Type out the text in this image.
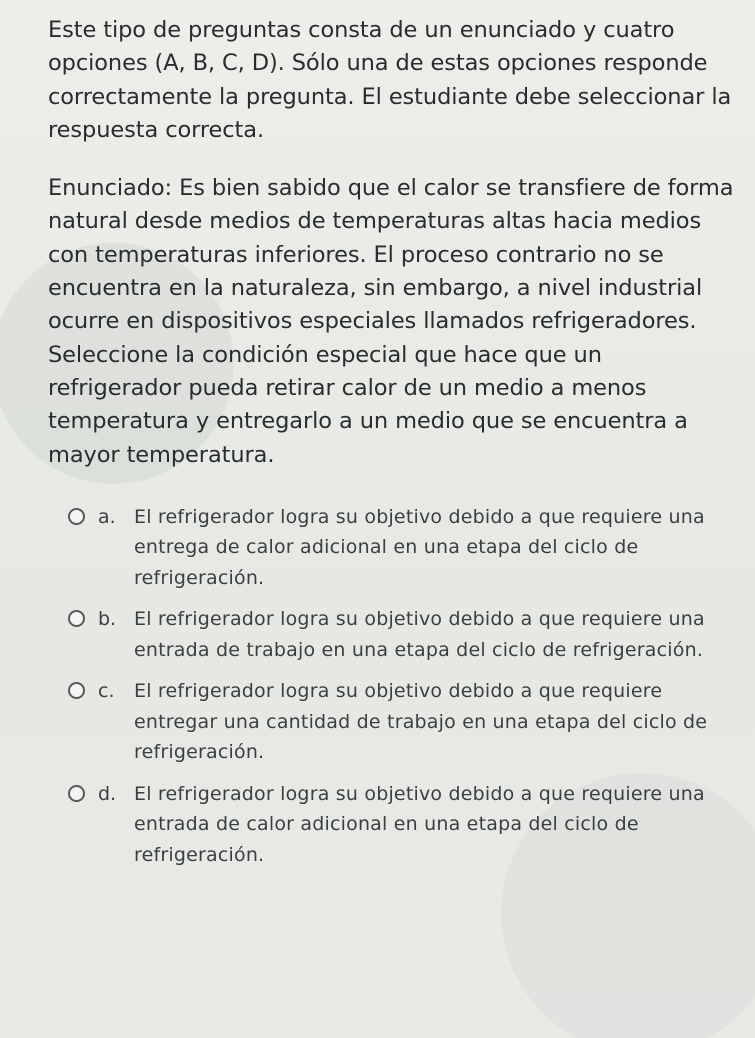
Este tipo de preguntas consta de un enunciado y cuatro opciones (A, B, C, D). Sólo una de estas opciones responde correctamente la pregunta. El estudiante debe seleccionar la respuesta correcta.

Enunciado: Es bien sabido que el calor se transfiere de forma natural desde medios de temperaturas altas hacia medios con temperaturas inferiores. El proceso contrario no se encuentra en la naturaleza, sin embargo, a nivel industrial ocurre en dispositivos especiales llamados refrigeradores. Seleccione la condición especial que hace que un refrigerador pueda retirar calor de un medio a menos temperatura y entregarlo a un medio que se encuentra a mayor temperatura.

a. El refrigerador logra su objetivo debido a que requiere una entrega de calor adicional en una etapa del ciclo de refrigeración.
b. El refrigerador logra su objetivo debido a que requiere una entrada de trabajo en una etapa del ciclo de refrigeración.
c.	El refrigerador logra su objetivo debido a que requiere entregar una cantidad de trabajo en una etapa del ciclo de refrigeración.
d. El refrigerador logra su objetivo debido a que requiere una entrada de calor adicional en una etapa del ciclo de refrigeración.
